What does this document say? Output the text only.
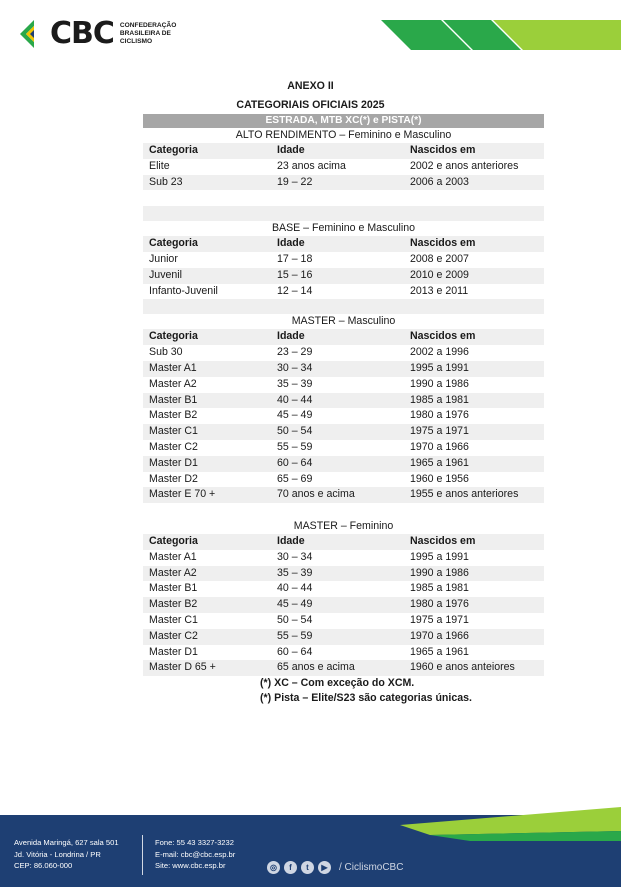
CBC CONFEDERAÇÃO
BRASILEIRA DE
CICLISMO
ANEXO II
CATEGORIAIS OFICIAIS 2025
ESTRADA, MTB XC(*) e PISTA(*)
ALTO RENDIMENTO – Feminino e Masculino
Categoria	Idade	Nascidos em
Elite	23 anos acima	2002 e anos anteriores
Sub 23	19 – 22	2006 a 2003
BASE – Feminino e Masculino
Categoria	Idade	Nascidos em
Junior	17 – 18	2008 e 2007
Juvenil	15 – 16	2010 e 2009
Infanto-Juvenil	12 – 14	2013 e 2011
MASTER – Masculino
Categoria	Idade	Nascidos em
Sub 30	23 – 29	2002 a 1996
Master A1	30 – 34	1995 a 1991
Master A2	35 – 39	1990 a 1986
Master B1	40 – 44	1985 a 1981
Master B2	45 – 49	1980 a 1976
Master C1	50 – 54	1975 a 1971
Master C2	55 – 59	1970 a 1966
Master D1	60 – 64	1965 a 1961
Master D2	65 – 69	1960 e 1956
Master E 70 +	70 anos e acima	1955 e anos anteriores
MASTER – Feminino
Categoria	Idade	Nascidos em
Master A1	30 – 34	1995 a 1991
Master A2	35 – 39	1990 a 1986
Master B1	40 – 44	1985 a 1981
Master B2	45 – 49	1980 a 1976
Master C1	50 – 54	1975 a 1971
Master C2	55 – 59	1970 a 1966
Master D1	60 – 64	1965 a 1961
Master D 65 +	65 anos e acima	1960 e anos anteiores
(*) XC – Com exceção do XCM.
(*) Pista – Elite/S23 são categorias únicas.
Avenida Maringá, 627 sala 501
Jd. Vitória - Londrina / PR
CEP: 86.060-000
Fone: 55 43 3327-3232
E-mail: cbc@cbc.esp.br
Site: www.cbc.esp.br	◎	f	t	▶	/ CiclismoCBC
